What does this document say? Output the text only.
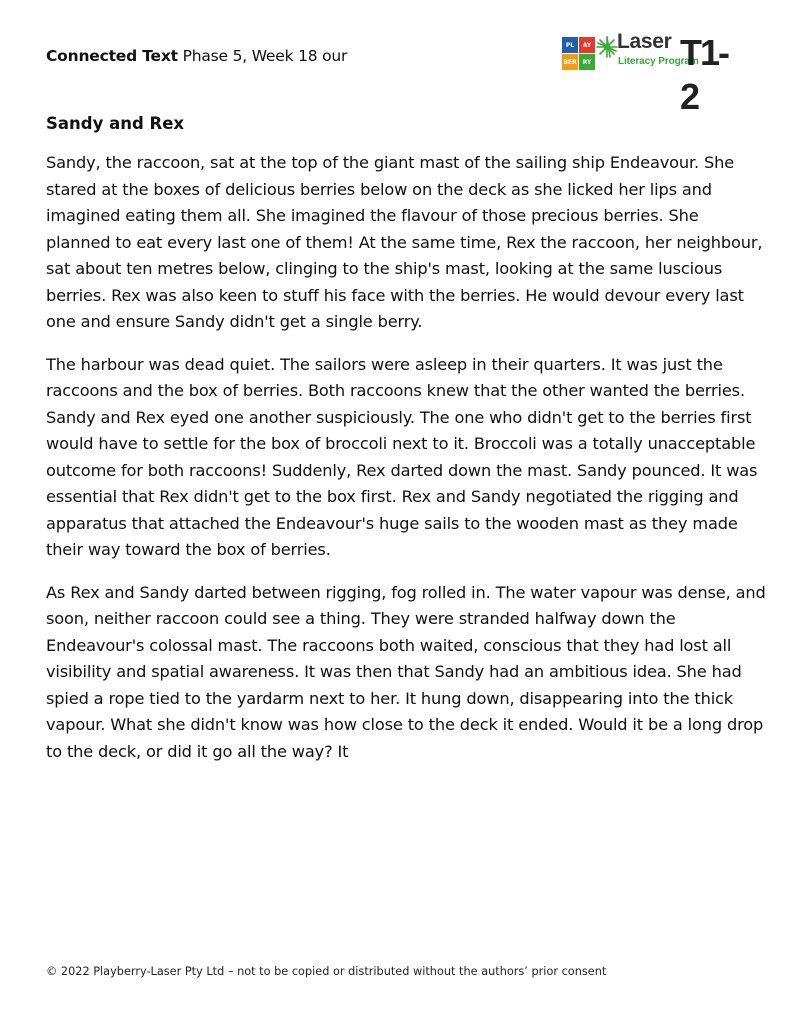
Connected Text Phase 5, Week 18 our
PL	AY
BER	RY
Laser
Literacy Program
T1-2
Sandy and Rex

Sandy, the raccoon, sat at the top of the giant mast of the sailing ship Endeavour. She stared at the boxes of delicious berries below on the deck as she licked her lips and imagined eating them all. She imagined the flavour of those precious berries. She planned to eat every last one of them! At the same time, Rex the raccoon, her neighbour, sat about ten metres below, clinging to the ship's mast, looking at the same luscious berries. Rex was also keen to stuff his face with the berries. He would devour every last one and ensure Sandy didn't get a single berry.

The harbour was dead quiet. The sailors were asleep in their quarters. It was just the raccoons and the box of berries. Both raccoons knew that the other wanted the berries. Sandy and Rex eyed one another suspiciously. The one who didn't get to the berries first would have to settle for the box of broccoli next to it. Broccoli was a totally unacceptable outcome for both raccoons! Suddenly, Rex darted down the mast. Sandy pounced. It was essential that Rex didn't get to the box first. Rex and Sandy negotiated the rigging and apparatus that attached the Endeavour's huge sails to the wooden mast as they made their way toward the box of berries.

As Rex and Sandy darted between rigging, fog rolled in. The water vapour was dense, and soon, neither raccoon could see a thing. They were stranded halfway down the Endeavour's colossal mast. The raccoons both waited, conscious that they had lost all visibility and spatial awareness. It was then that Sandy had an ambitious idea. She had spied a rope tied to the yardarm next to her. It hung down, disappearing into the thick vapour. What she didn't know was how close to the deck it ended. Would it be a long drop to the deck, or did it go all the way? It

© 2022 Playberry-Laser Pty Ltd – not to be copied or distributed without the authors’ prior consent
